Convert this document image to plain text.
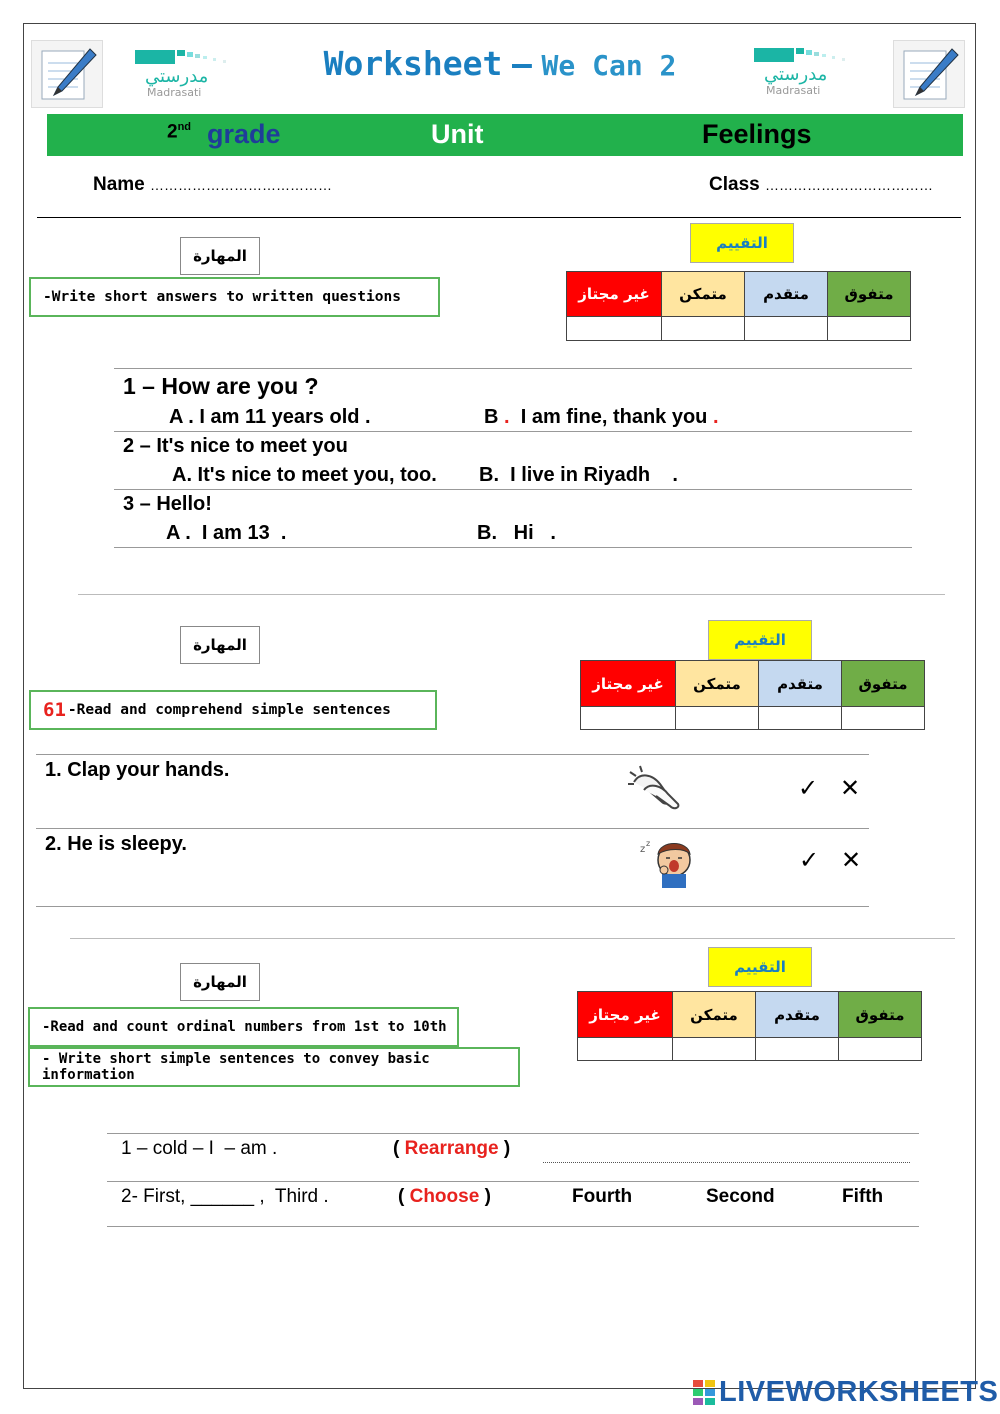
مدرستي
Madrasati
Worksheet – We Can 2	مدرستي
Madrasati
2nd grade	Unit	Feelings
Name …………………………………	Class ………………………………
المهارة
-Write short answers to written questions
التقييم
غير مجتاز	متمكن	متقدم	متفوق

1 – How are you ?
A . I am 11 years old .	B . I am fine, thank you .
2 – It's nice to meet you
A. It's nice to meet you, too. B.  I live in Riyadh    .
3 – Hello!
A .  I am 13  .	B.   Hi   .
المهارة
61 -Read and comprehend simple sentences
التقييم
غير مجتاز	متمكن	متقدم	متفوق

1. Clap your hands.
✓ ✕
2. He is sleepy.	z
z
✓ ✕
المهارة
-Read and count ordinal numbers from 1st to 10th
- Write short simple sentences to convey basic information
التقييم
غير مجتاز	متمكن	متقدم	متفوق

1 – cold – I  – am .	( Rearrange )
2- First, ______ ,  Third .	( Choose )	Fourth	Second	Fifth
LIVEWORKSHEETS
